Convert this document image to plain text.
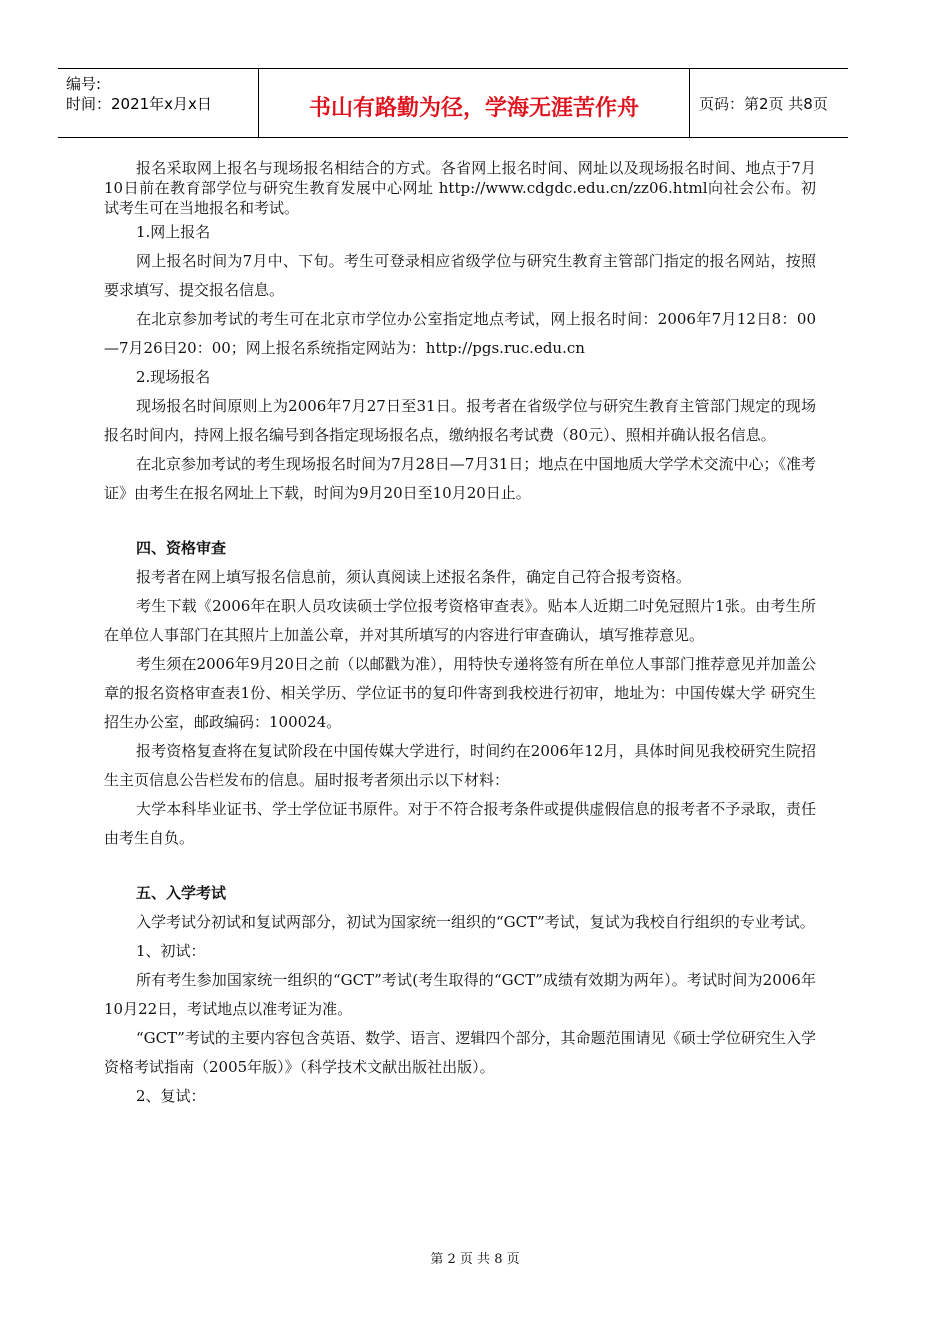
编号:
时间：2021年x月x日	书山有路勤为径，学海无涯苦作舟	页码：第2页 共8页

报名采取网上报名与现场报名相结合的方式。各省网上报名时间、网址以及现场报名时间、地点于7月10日前在教育部学位与研究生教育发展中心网址 http://www.cdgdc.edu.cn/zz06.html向社会公布。初试考生可在当地报名和考试。

1.网上报名

网上报名时间为7月中、下旬。考生可登录相应省级学位与研究生教育主管部门指定的报名网站，按照要求填写、提交报名信息。

在北京参加考试的考生可在北京市学位办公室指定地点考试，网上报名时间：2006年7月12日8：00—7月26日20：00；网上报名系统指定网站为：http://pgs.ruc.edu.cn

2.现场报名

现场报名时间原则上为2006年7月27日至31日。报考者在省级学位与研究生教育主管部门规定的现场报名时间内，持网上报名编号到各指定现场报名点，缴纳报名考试费（80元）、照相并确认报名信息。

在北京参加考试的考生现场报名时间为7月28日—7月31日；地点在中国地质大学学术交流中心；《准考证》由考生在报名网址上下载，时间为9月20日至10月20日止。

四、资格审查

报考者在网上填写报名信息前，须认真阅读上述报名条件，确定自己符合报考资格。

考生下载《2006年在职人员攻读硕士学位报考资格审查表》。贴本人近期二吋免冠照片1张。由考生所在单位人事部门在其照片上加盖公章，并对其所填写的内容进行审查确认，填写推荐意见。

考生须在2006年9月20日之前（以邮戳为准），用特快专递将签有所在单位人事部门推荐意见并加盖公章的报名资格审查表1份、相关学历、学位证书的复印件寄到我校进行初审，地址为：中国传媒大学 研究生招生办公室，邮政编码：100024。

报考资格复查将在复试阶段在中国传媒大学进行，时间约在2006年12月，具体时间见我校研究生院招生主页信息公告栏发布的信息。届时报考者须出示以下材料：

大学本科毕业证书、学士学位证书原件。对于不符合报考条件或提供虚假信息的报考者不予录取，责任由考生自负。

五、入学考试

入学考试分初试和复试两部分，初试为国家统一组织的“GCT”考试，复试为我校自行组织的专业考试。

1、初试：

所有考生参加国家统一组织的“GCT”考试(考生取得的“GCT”成绩有效期为两年）。考试时间为2006年10月22日，考试地点以准考证为准。

“GCT”考试的主要内容包含英语、数学、语言、逻辑四个部分，其命题范围请见《硕士学位研究生入学资格考试指南（2005年版）》（科学技术文献出版社出版）。

2、复试：

第 2 页 共 8 页
